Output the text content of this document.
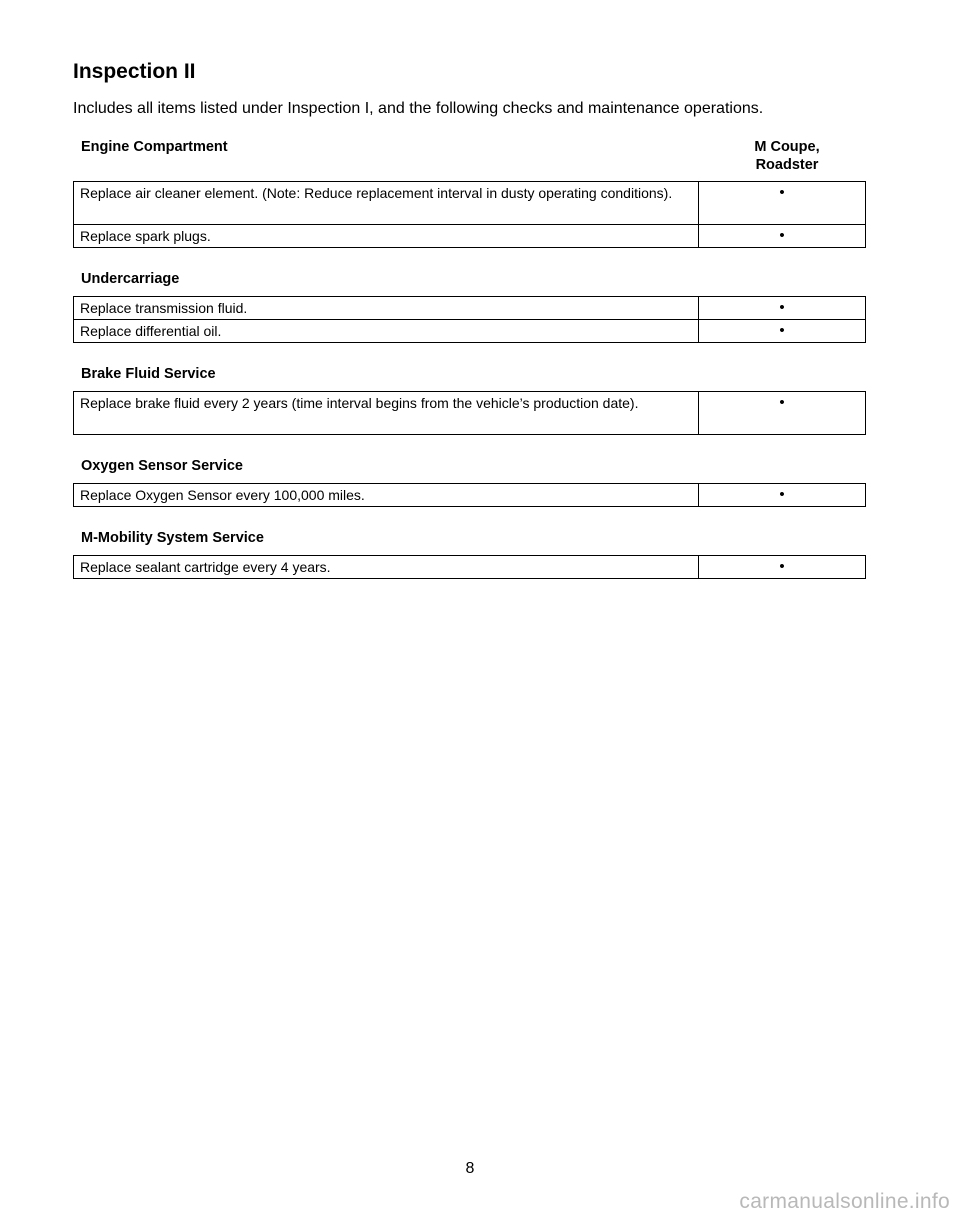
Inspection II

Includes all items listed under Inspection I, and the following checks and maintenance operations.

Engine Compartment	M Coupe,
Roadster
Replace air cleaner element. (Note: Reduce replacement interval in dusty operating conditions).	•
Replace spark plugs.	•
Undercarriage
Replace transmission fluid.	•
Replace differential oil.	•
Brake Fluid Service
Replace brake fluid every 2 years (time interval begins from the vehicle’s production date).	•
Oxygen Sensor Service
Replace Oxygen Sensor every 100,000 miles.	•
M-Mobility System Service
Replace sealant cartridge every 4 years.	•
8
carmanualsonline.info
